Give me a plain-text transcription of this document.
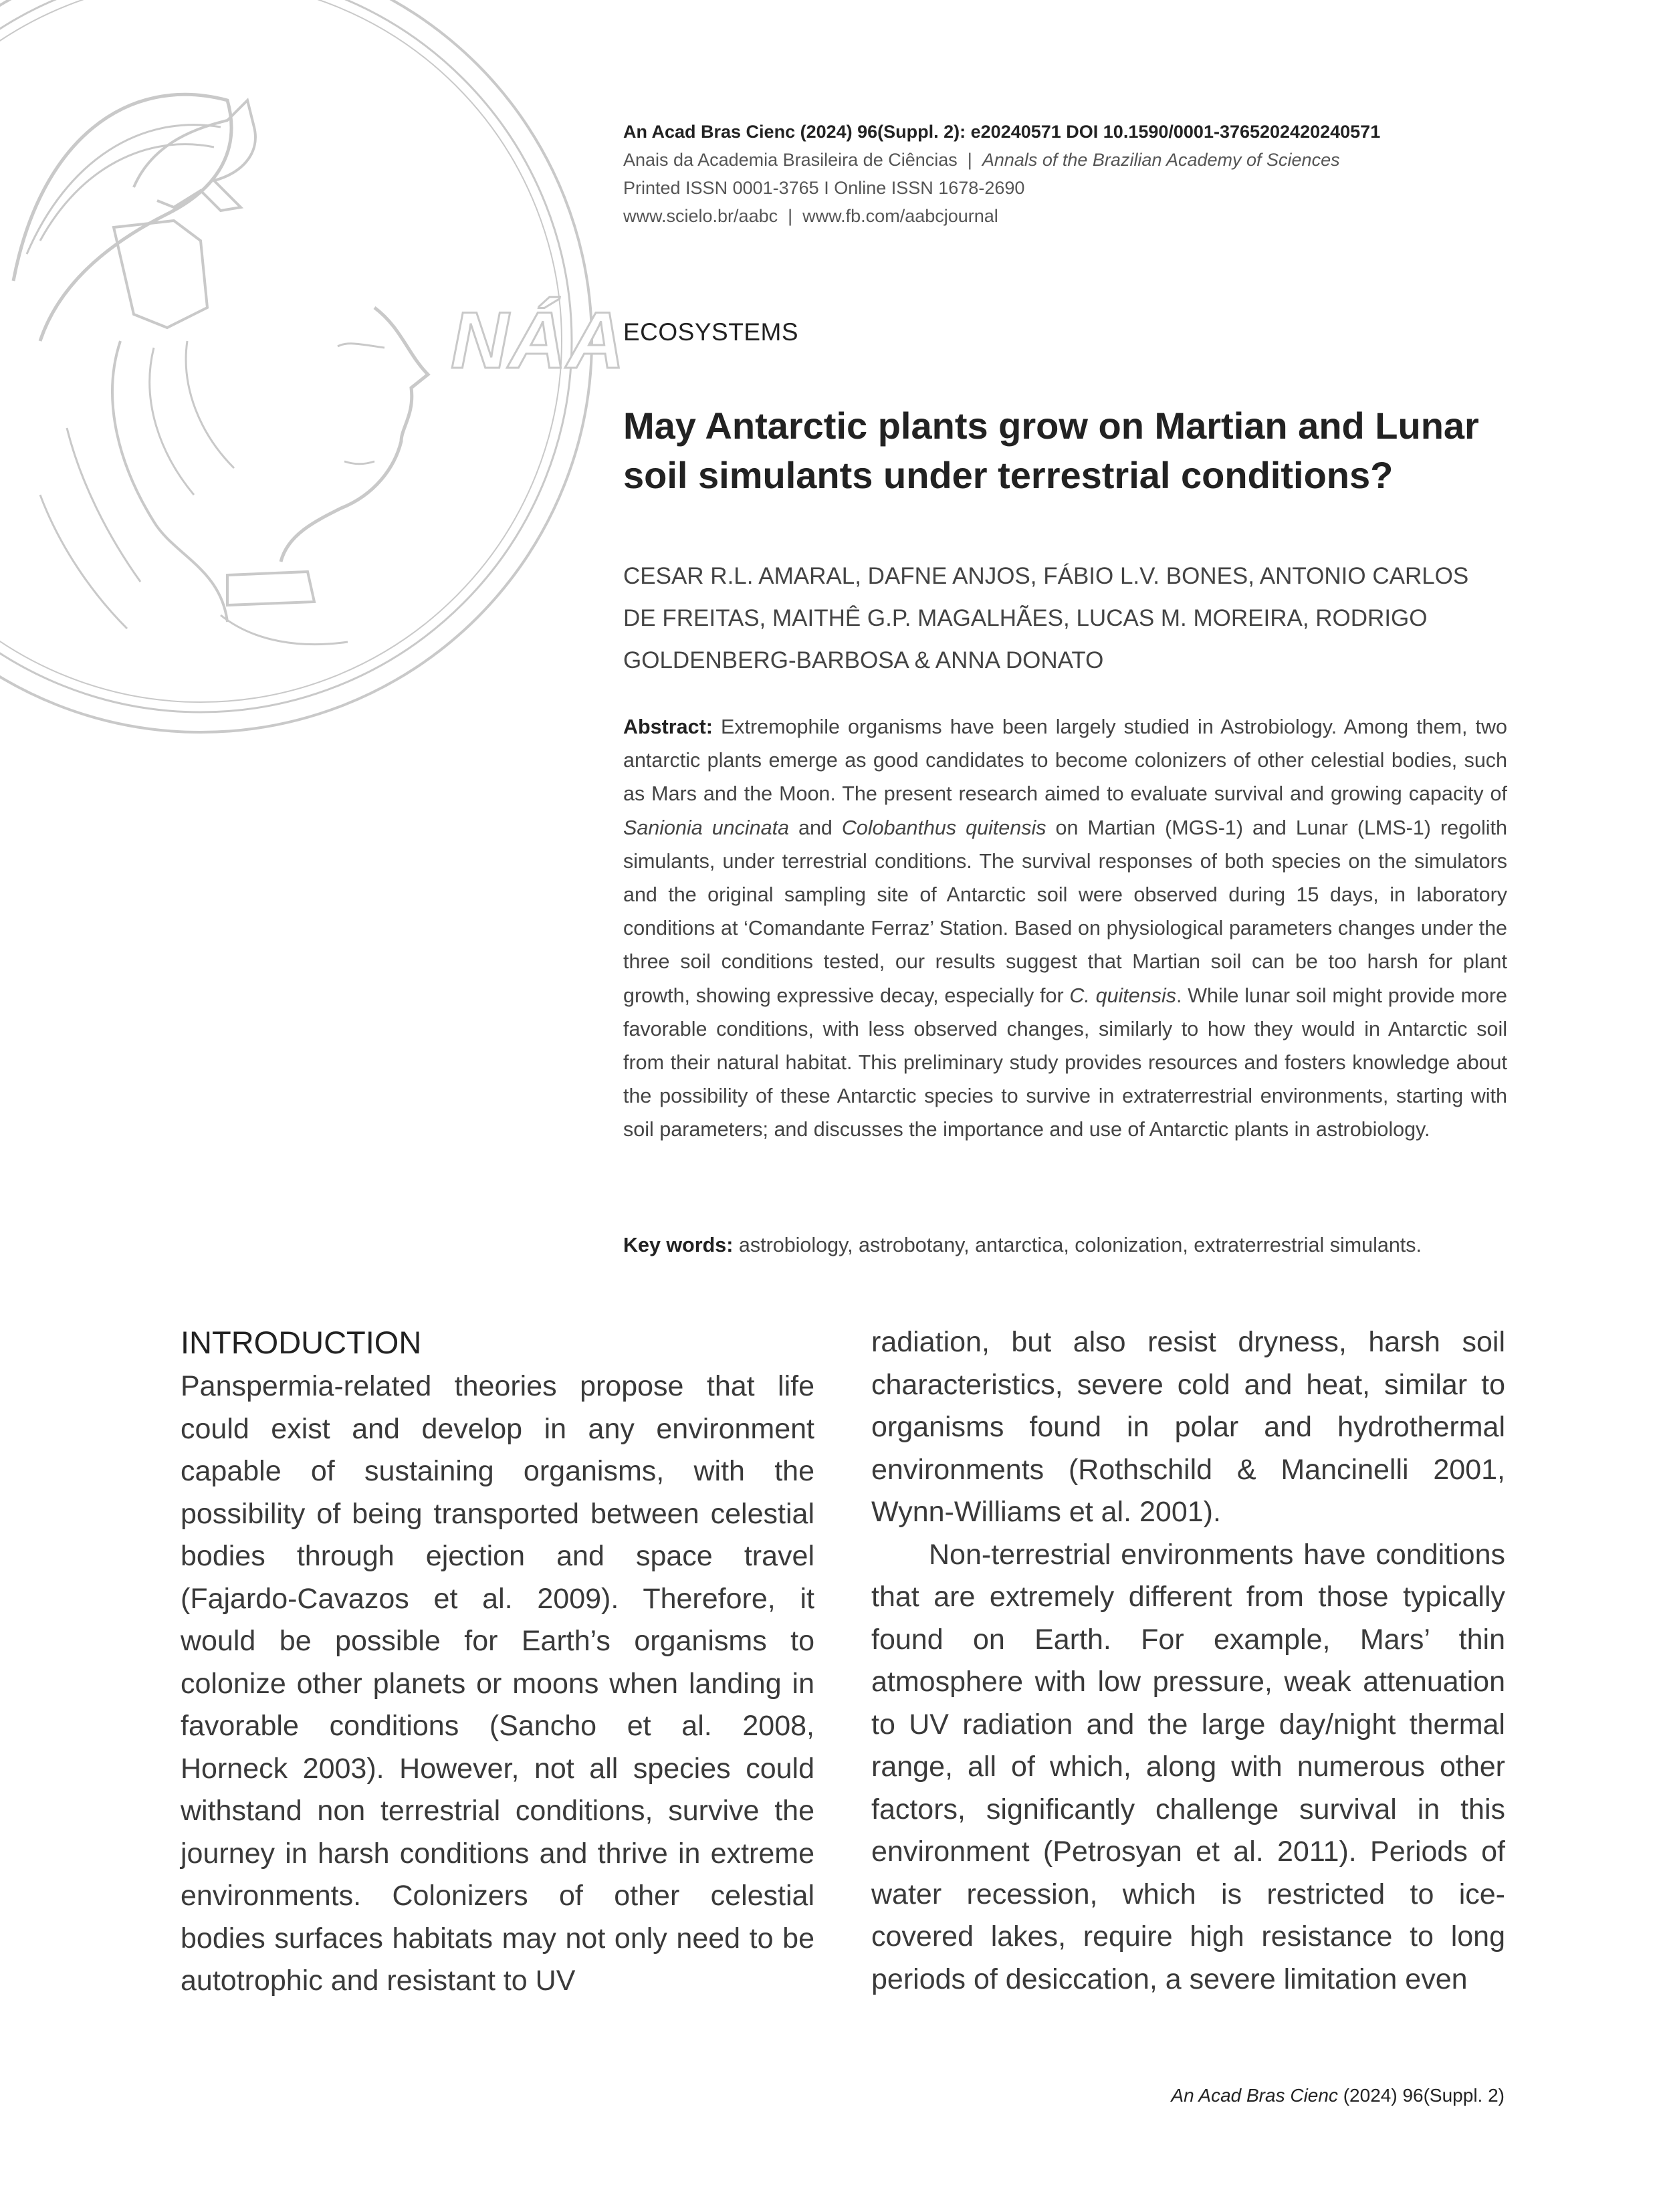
NÁA
An Acad Bras Cienc (2024) 96(Suppl. 2): e20240571 DOI 10.1590/0001-3765202420240571
Anais da Academia Brasileira de Ciências | Annals of the Brazilian Academy of Sciences
Printed ISSN 0001-3765 I Online ISSN 1678-2690
www.scielo.br/aabc | www.fb.com/aabcjournal
ECOSYSTEMS
May Antarctic plants grow on Martian and Lunar soil simulants under terrestrial conditions?
CESAR R.L. AMARAL, DAFNE ANJOS, FÁBIO L.V. BONES, ANTONIO CARLOS DE FREITAS, MAITHÊ G.P. MAGALHÃES, LUCAS M. MOREIRA, RODRIGO GOLDENBERG-BARBOSA & ANNA DONATO

Abstract: Extremophile organisms have been largely studied in Astrobiology. Among them, two antarctic plants emerge as good candidates to become colonizers of other celestial bodies, such as Mars and the Moon. The present research aimed to evaluate survival and growing capacity of Sanionia uncinata and Colobanthus quitensis on Martian (MGS-1) and Lunar (LMS-1) regolith simulants, under terrestrial conditions. The survival responses of both species on the simulators and the original sampling site of Antarctic soil were observed during 15 days, in laboratory conditions at ‘Comandante Ferraz’ Station. Based on physiological parameters changes under the three soil conditions tested, our results suggest that Martian soil can be too harsh for plant growth, showing expressive decay, especially for C. quitensis. While lunar soil might provide more favorable conditions, with less observed changes, similarly to how they would in Antarctic soil from their natural habitat. This preliminary study provides resources and fosters knowledge about the possibility of these Antarctic species to survive in extraterrestrial environments, starting with soil parameters; and discusses the importance and use of Antarctic plants in astrobiology.

Key words: astrobiology, astrobotany, antarctica, colonization, extraterrestrial simulants.

INTRODUCTION

Panspermia-related theories propose that life could exist and develop in any environment capable of sustaining organisms, with the possibility of being transported between celestial bodies through ejection and space travel (Fajardo-Cavazos et al. 2009). Therefore, it would be possible for Earth’s organisms to colonize other planets or moons when landing in favorable conditions (Sancho et al. 2008, Horneck 2003). However, not all species could withstand non terrestrial conditions, survive the journey in harsh conditions and thrive in extreme environments. Colonizers of other celestial bodies surfaces habitats may not only need to be autotrophic and resistant to UV

radiation, but also resist dryness, harsh soil characteristics, severe cold and heat, similar to organisms found in polar and hydrothermal environments (Rothschild & Mancinelli 2001, Wynn-Williams et al. 2001).

Non-terrestrial environments have conditions that are extremely different from those typically found on Earth. For example, Mars’ thin atmosphere with low pressure, weak attenuation to UV radiation and the large day/night thermal range, all of which, along with numerous other factors, significantly challenge survival in this environment (Petrosyan et al. 2011). Periods of water recession, which is restricted to ice-covered lakes, require high resistance to long periods of desiccation, a severe limitation even

An Acad Bras Cienc (2024) 96(Suppl. 2)
